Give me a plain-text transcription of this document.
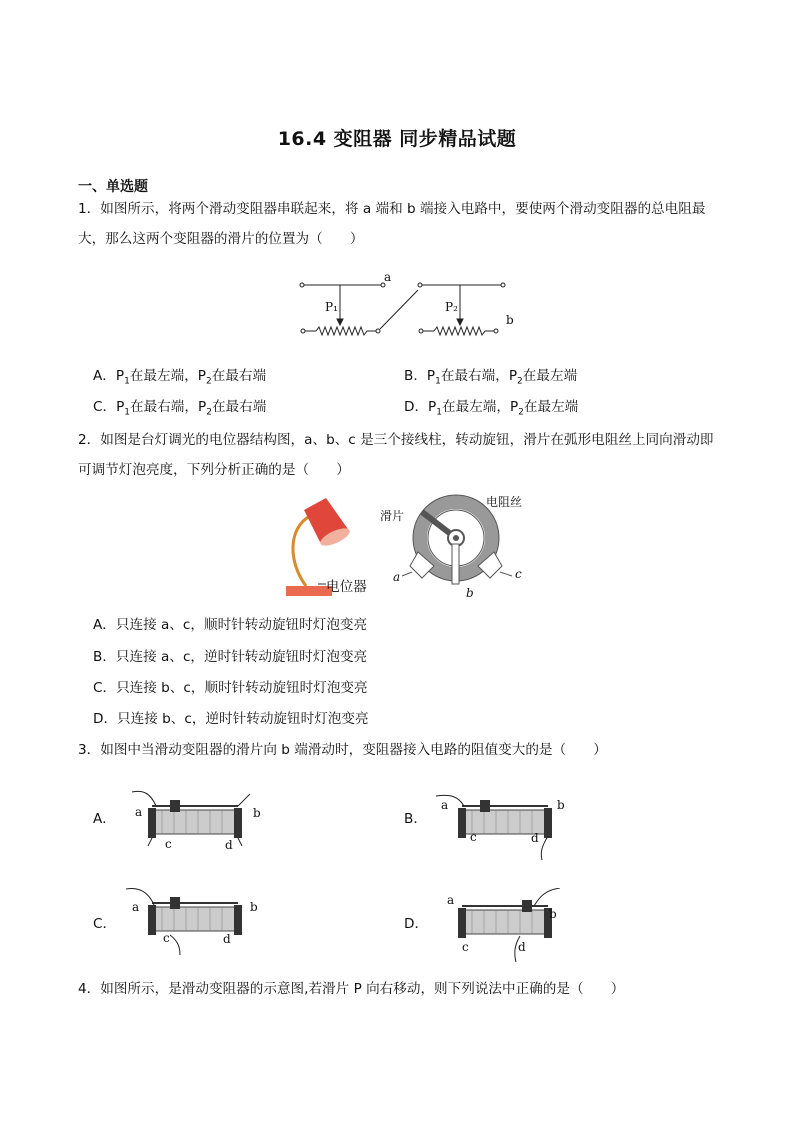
16.4 变阻器 同步精品试题
一、单选题
1．如图所示，将两个滑动变阻器串联起来，将 a 端和 b 端接入电路中，要使两个滑动变阻器的总电阻最大，那么这两个变阻器的滑片的位置为（　　）
a
b
P₁	P₂
A．$P_1$在最左端，$P_2$在最右端	B．$P_1$在最右端，$P_2$在最左端
C．$P_1$在最右端，$P_2$在最右端	D．$P_1$在最左端，$P_2$在最左端
2．如图是台灯调光的电位器结构图，a、b、c 是三个接线柱，转动旋钮，滑片在弧形电阻丝上同向滑动即可调节灯泡亮度，下列分析正确的是（　　）
电位器
滑片
电阻丝
a
b
c
A．只连接 a、c，顺时针转动旋钮时灯泡变亮
B．只连接 a、c，逆时针转动旋钮时灯泡变亮
C．只连接 b、c，顺时针转动旋钮时灯泡变亮
D．只连接 b、c，逆时针转动旋钮时灯泡变亮
3．如图中当滑动变阻器的滑片向 b 端滑动时，变阻器接入电路的阻值变大的是（　　）
A． a	b
c	d
B．
a	b
c	d
C．
a	b
c	d
D．
a
b
c	d
4．如图所示，是滑动变阻器的示意图,若滑片 P 向右移动，则下列说法中正确的是（　　）
